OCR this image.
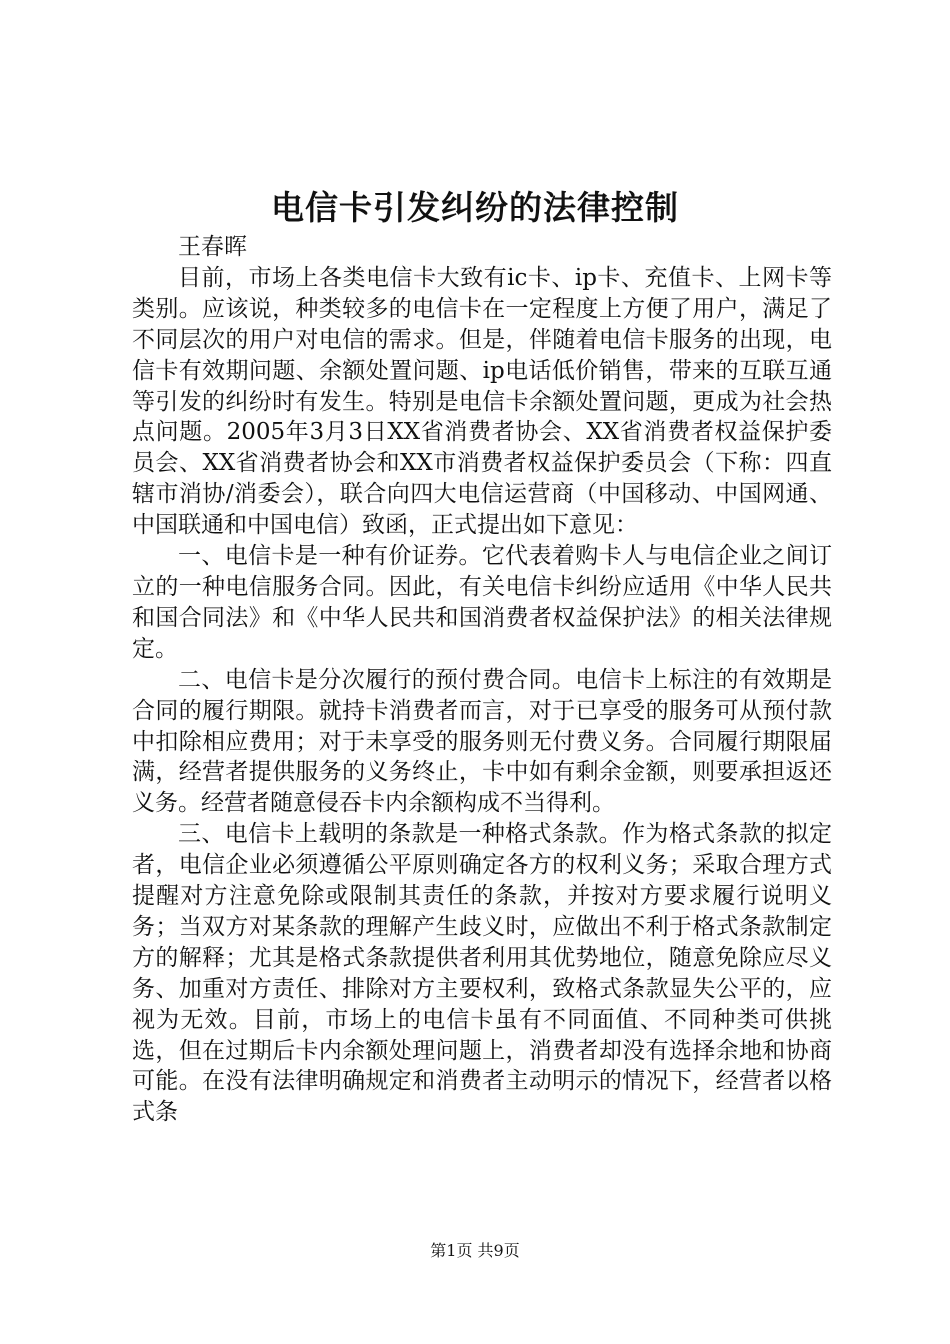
电信卡引发纠纷的法律控制

王春晖

目前，市场上各类电信卡大致有ic卡、ip卡、充值卡、上网卡等类别。应该说，种类较多的电信卡在一定程度上方便了用户，满足了不同层次的用户对电信的需求。但是，伴随着电信卡服务的出现，电信卡有效期问题、余额处置问题、ip电话低价销售，带来的互联互通等引发的纠纷时有发生。特别是电信卡余额处置问题，更成为社会热点问题。2005年3月3日XX省消费者协会、XX省消费者权益保护委员会、XX省消费者协会和XX市消费者权益保护委员会（下称：四直辖市消协/消委会），联合向四大电信运营商（中国移动、中国网通、中国联通和中国电信）致函，正式提出如下意见：

一、电信卡是一种有价证券。它代表着购卡人与电信企业之间订立的一种电信服务合同。因此，有关电信卡纠纷应适用《中华人民共和国合同法》和《中华人民共和国消费者权益保护法》的相关法律规定。

二、电信卡是分次履行的预付费合同。电信卡上标注的有效期是合同的履行期限。就持卡消费者而言，对于已享受的服务可从预付款中扣除相应费用；对于未享受的服务则无付费义务。合同履行期限届满，经营者提供服务的义务终止，卡中如有剩余金额，则要承担返还义务。经营者随意侵吞卡内余额构成不当得利。

三、电信卡上载明的条款是一种格式条款。作为格式条款的拟定者，电信企业必须遵循公平原则确定各方的权利义务；采取合理方式提醒对方注意免除或限制其责任的条款，并按对方要求履行说明义务；当双方对某条款的理解产生歧义时，应做出不利于格式条款制定方的解释；尤其是格式条款提供者利用其优势地位，随意免除应尽义务、加重对方责任、排除对方主要权利，致格式条款显失公平的，应视为无效。目前，市场上的电信卡虽有不同面值、不同种类可供挑选，但在过期后卡内余额处理问题上，消费者却没有选择余地和协商可能。在没有法律明确规定和消费者主动明示的情况下，经营者以格式条

第1页 共9页
